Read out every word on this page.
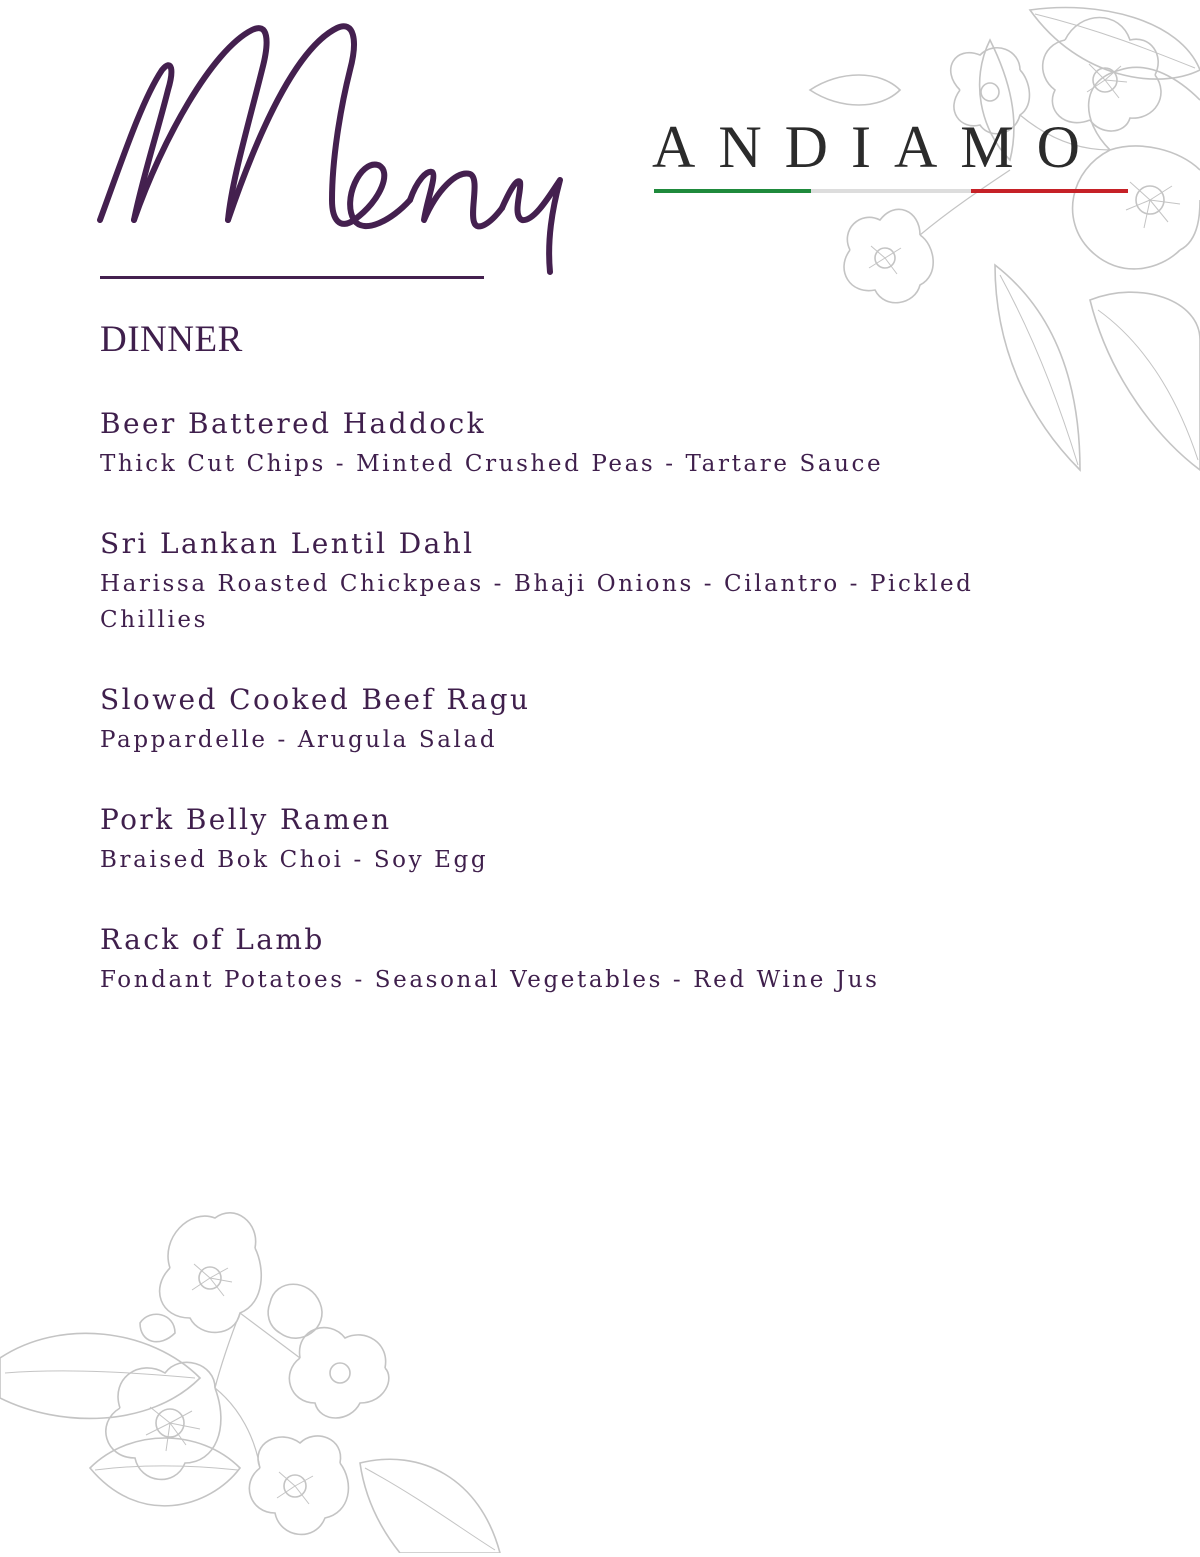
ANDIAMO
DINNER

Beer Battered Haddock

Thick Cut Chips - Minted Crushed Peas - Tartare Sauce

Sri Lankan Lentil Dahl

Harissa Roasted Chickpeas - Bhaji Onions - Cilantro - Pickled Chillies

Slowed Cooked Beef Ragu

Pappardelle - Arugula Salad

Pork Belly Ramen

Braised Bok Choi - Soy Egg

Rack of Lamb

Fondant Potatoes - Seasonal Vegetables - Red Wine Jus
